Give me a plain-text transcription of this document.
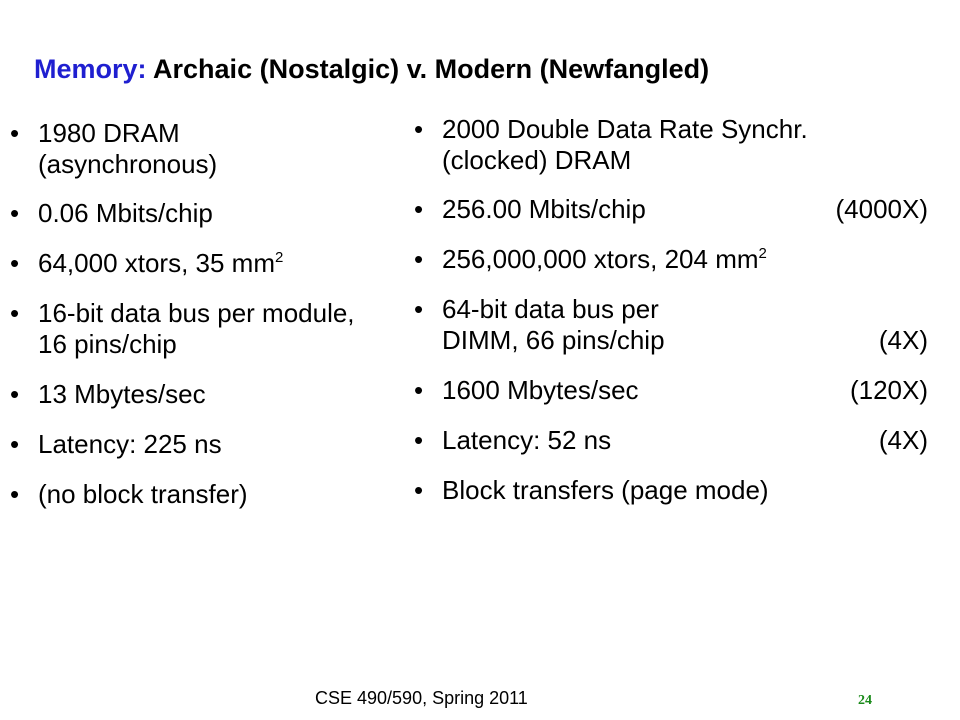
Memory: Archaic (Nostalgic) v. Modern (Newfangled)
• 1980 DRAM
(asynchronous)
• 0.06 Mbits/chip
• 64,000 xtors, 35 $mm^2$
• 16-bit data bus per module,
16 pins/chip
• 13 Mbytes/sec
• Latency: 225 ns
• (no block transfer)
• 2000 Double Data Rate Synchr.
(clocked) DRAM
• 256.00 Mbits/chip	(4000X)
• 256,000,000 xtors, 204 $mm^2$
• 64-bit data bus per
DIMM, 66 pins/chip	(4X)
• 1600 Mbytes/sec	(120X)
• Latency: 52 ns	(4X)
• Block transfers (page mode)
CSE 490/590, Spring 2011	24
